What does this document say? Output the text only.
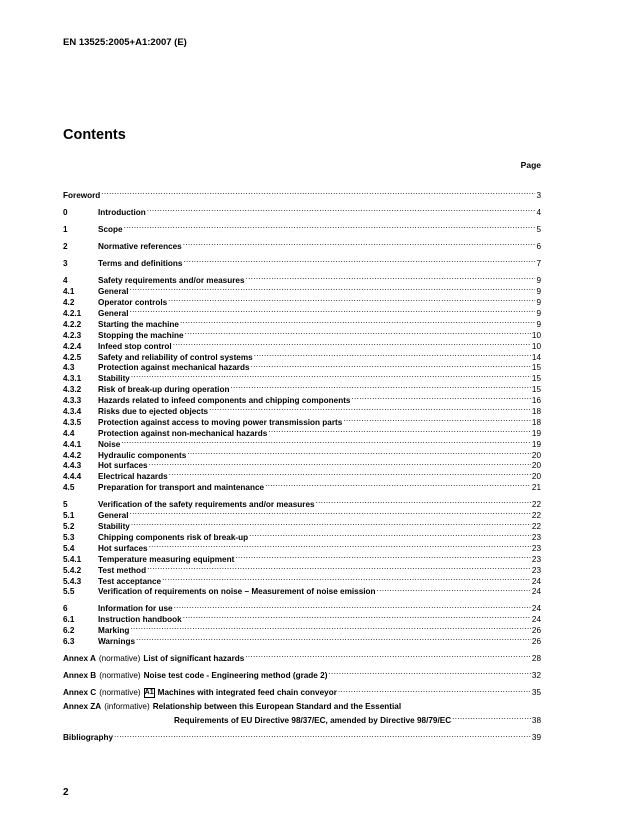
EN 13525:2005+A1:2007 (E)
Contents
Page
Foreword .....	3
0	Introduction .....	4
1	Scope .....	5
2	Normative references .....	6
3	Terms and definitions .....	7
4	Safety requirements and/or measures .....	9
4.1	General .....	9
4.2	Operator controls .....	9
4.2.1	General .....	9
4.2.2	Starting the machine .....	9
4.2.3	Stopping the machine .....	10
4.2.4	Infeed stop control .....	10
4.2.5	Safety and reliability of control systems .....	14
4.3	Protection against mechanical hazards .....	15
4.3.1	Stability .....	15
4.3.2	Risk of break-up during operation .....	15
4.3.3	Hazards related to infeed components and chipping components .....	16
4.3.4	Risks due to ejected objects .....	18
4.3.5	Protection against access to moving power transmission parts .....	18
4.4	Protection against non-mechanical hazards .....	19
4.4.1	Noise .....	19
4.4.2	Hydraulic components .....	20
4.4.3	Hot surfaces .....	20
4.4.4	Electrical hazards .....	20
4.5	Preparation for transport and maintenance .....	21
5	Verification of the safety requirements and/or measures .....	22
5.1	General .....	22
5.2	Stability .....	22
5.3	Chipping components risk of break-up .....	23
5.4	Hot surfaces .....	23
5.4.1	Temperature measuring equipment .....	23
5.4.2	Test method .....	23
5.4.3	Test acceptance .....	24
5.5	Verification of requirements on noise – Measurement of noise emission .....	24
6	Information for use .....	24
6.1	Instruction handbook .....	24
6.2	Marking .....	26
6.3	Warnings .....	26
Annex A (normative) List of significant hazards .....	28
Annex B (normative) Noise test code - Engineering method (grade 2) .....	32
Annex C (normative) A1 Machines with integrated feed chain conveyor .....	35
Annex ZA (informative) Relationship between this European Standard and the Essential
Requirements of EU Directive 98/37/EC, amended by Directive 98/79/EC .....	38
Bibliography .....	39
2
